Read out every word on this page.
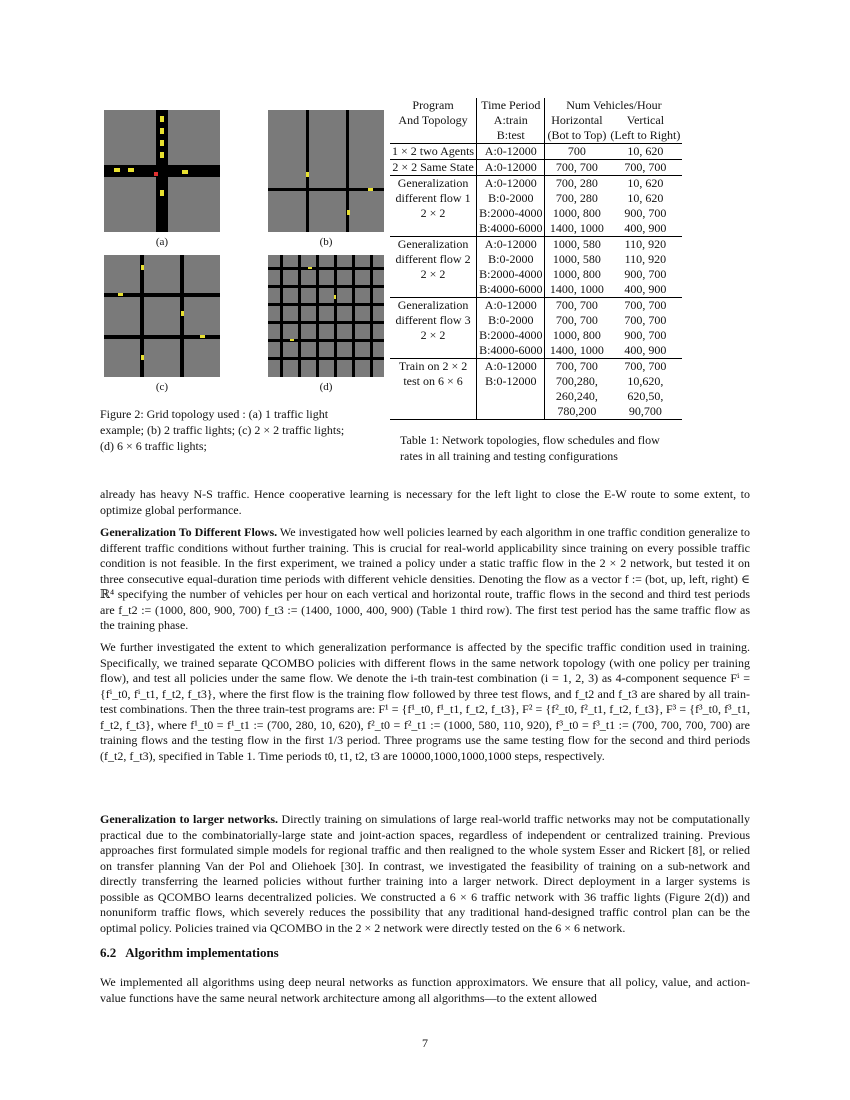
(a)	(b)
(c)	(d)
Figure 2: Grid topology used : (a) 1 traffic light
example; (b) 2 traffic lights; (c) 2 × 2 traffic lights;
(d) 6 × 6 traffic lights;
Program	Time Period	Num Vehicles/Hour	
And Topology	A:train	Horizontal	Vertical
	B:test	(Bot to Top)	(Left to Right)
1 × 2 two Agents	A:0-12000	700	10, 620
2 × 2 Same State	A:0-12000	700, 700	700, 700
Generalization	A:0-12000	700, 280	10, 620
different flow 1	B:0-2000	700, 280	10, 620
2 × 2	B:2000-4000	1000, 800	900, 700
	B:4000-6000	1400, 1000	400, 900
Generalization	A:0-12000	1000, 580	110, 920
different flow 2	B:0-2000	1000, 580	110, 920
2 × 2	B:2000-4000	1000, 800	900, 700
	B:4000-6000	1400, 1000	400, 900
Generalization	A:0-12000	700, 700	700, 700
different flow 3	B:0-2000	700, 700	700, 700
2 × 2	B:2000-4000	1000, 800	900, 700
	B:4000-6000	1400, 1000	400, 900
Train on 2 × 2	A:0-12000	700, 700	700, 700
test on 6 × 6	B:0-12000	700,280,	10,620,
		260,240,	620,50,
		780,200	90,700
Table 1: Network topologies, flow schedules and flow
rates in all training and testing configurations
already has heavy N-S traffic. Hence cooperative learning is necessary for the left light to close the E-W route to some extent, to optimize global performance.
Generalization To Different Flows. We investigated how well policies learned by each algorithm in one traffic condition generalize to different traffic conditions without further training. This is crucial for real-world applicability since training on every possible traffic condition is not feasible. In the first experiment, we trained a policy under a static traffic flow in the 2 × 2 network, but tested it on three consecutive equal-duration time periods with different vehicle densities. Denoting the flow as a vector f := (bot, up, left, right) ∈ ℝ⁴ specifying the number of vehicles per hour on each vertical and horizontal route, traffic flows in the second and third test periods are f_t2 := (1000, 800, 900, 700) f_t3 := (1400, 1000, 400, 900) (Table 1 third row). The first test period has the same traffic flow as the training phase.
We further investigated the extent to which generalization performance is affected by the specific traffic condition used in training. Specifically, we trained separate QCOMBO policies with different flows in the same network topology (with one policy per training flow), and test all policies under the same flow. We denote the i-th train-test combination (i = 1, 2, 3) as 4-component sequence Fⁱ = {fⁱ_t0, fⁱ_t1, f_t2, f_t3}, where the first flow is the training flow followed by three test flows, and f_t2 and f_t3 are shared by all train-test combinations. Then the three train-test programs are: F¹ = {f¹_t0, f¹_t1, f_t2, f_t3}, F² = {f²_t0, f²_t1, f_t2, f_t3}, F³ = {f³_t0, f³_t1, f_t2, f_t3}, where f¹_t0 = f¹_t1 := (700, 280, 10, 620), f²_t0 = f²_t1 := (1000, 580, 110, 920), f³_t0 = f³_t1 := (700, 700, 700, 700) are training flows and the testing flow in the first 1/3 period. Three programs use the same testing flow for the second and third periods (f_t2, f_t3), specified in Table 1. Time periods t0, t1, t2, t3 are 10000,1000,1000,1000 steps, respectively.
Generalization to larger networks. Directly training on simulations of large real-world traffic networks may not be computationally practical due to the combinatorially-large state and joint-action spaces, regardless of independent or centralized training. Previous approaches first formulated simple models for regional traffic and then realigned to the whole system Esser and Rickert [8], or relied on transfer planning Van der Pol and Oliehoek [30]. In contrast, we investigated the feasibility of training on a sub-network and directly transferring the learned policies without further training into a larger network. Direct deployment in a larger systems is possible as QCOMBO learns decentralized policies. We constructed a 6 × 6 traffic network with 36 traffic lights (Figure 2(d)) and nonuniform traffic flows, which severely reduces the possibility that any traditional hand-designed traffic control plan can be the optimal policy. Policies trained via QCOMBO in the 2 × 2 network were directly tested on the 6 × 6 network.
6.2   Algorithm implementations
We implemented all algorithms using deep neural networks as function approximators. We ensure that all policy, value, and action-value functions have the same neural network architecture among all algorithms—to the extent allowed
7
